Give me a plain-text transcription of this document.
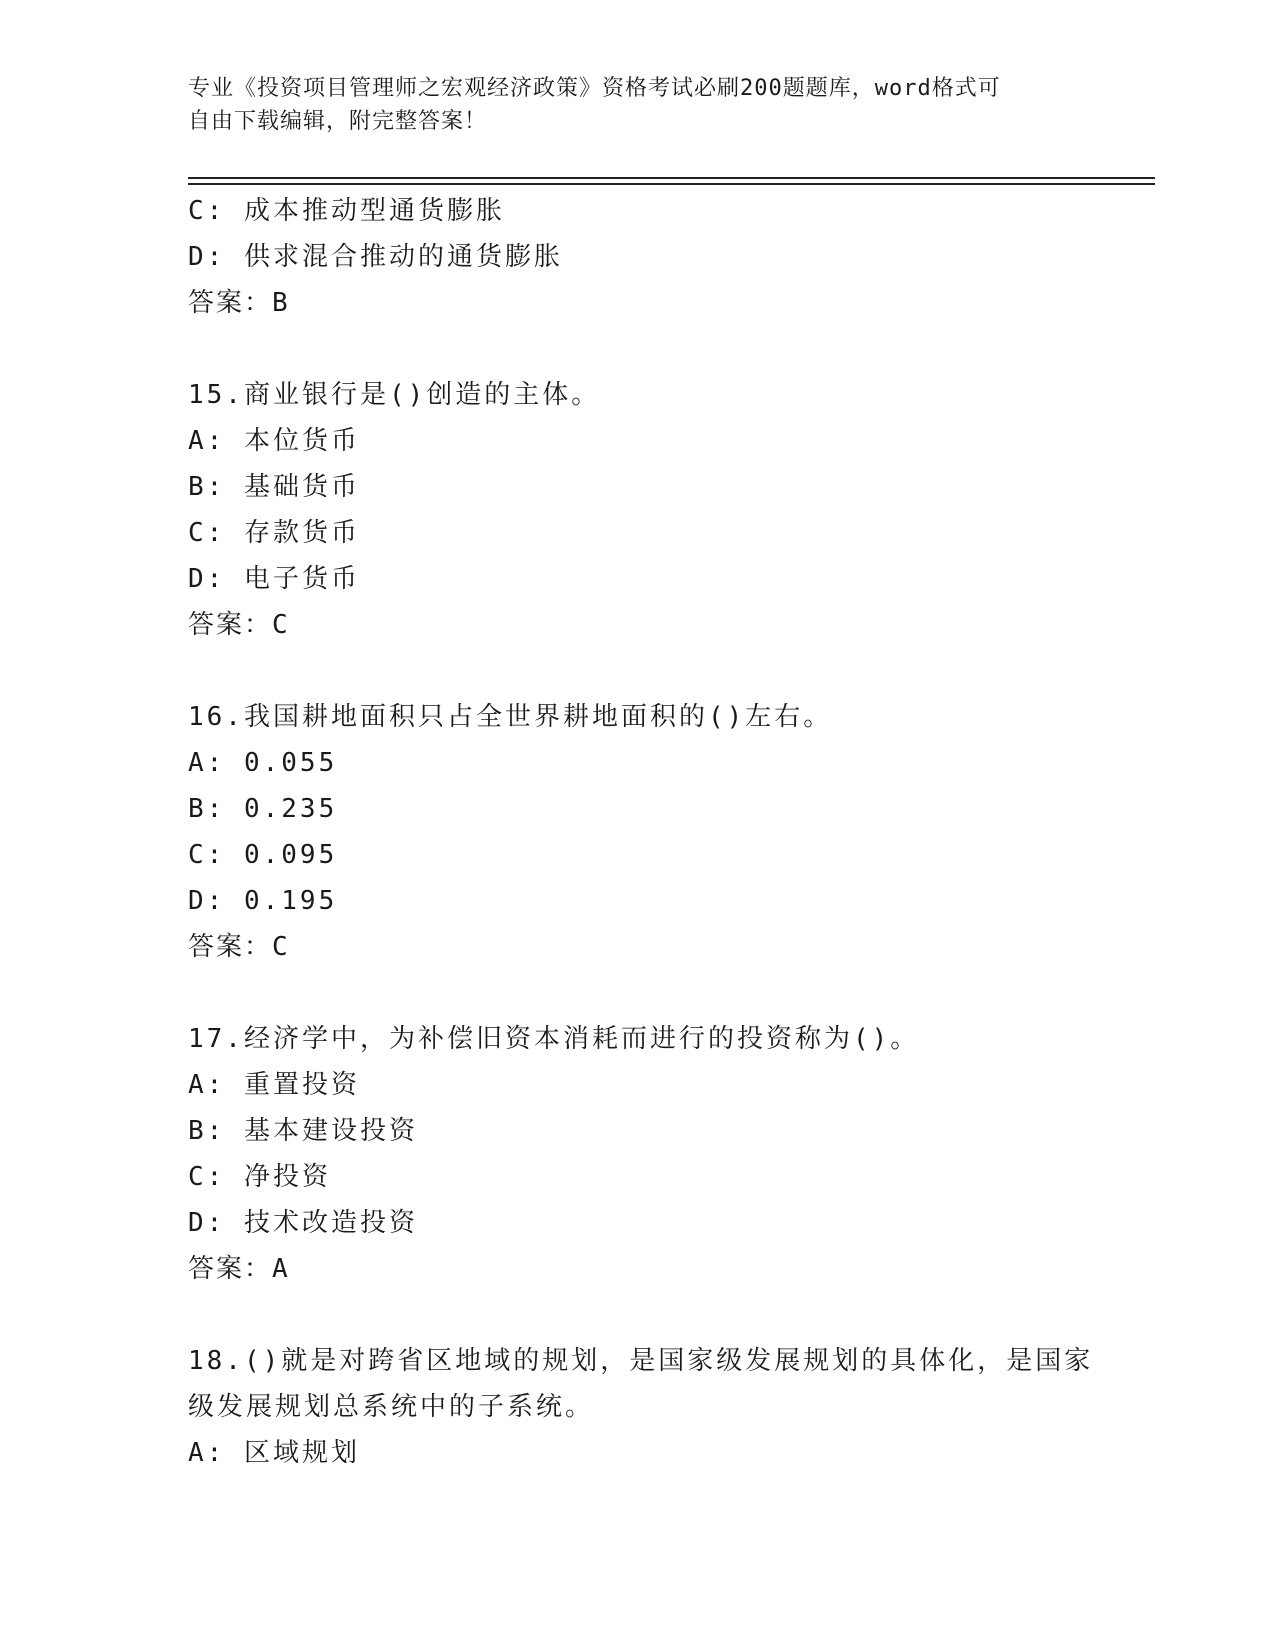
专业《投资项目管理师之宏观经济政策》资格考试必刷200题题库，word格式可
自由下载编辑，附完整答案！
C: 成本推动型通货膨胀
D: 供求混合推动的通货膨胀
答案：B
15.商业银行是()创造的主体。
A: 本位货币
B: 基础货币
C: 存款货币
D: 电子货币
答案：C
16.我国耕地面积只占全世界耕地面积的()左右。
A: 0.055
B: 0.235
C: 0.095
D: 0.195
答案：C
17.经济学中，为补偿旧资本消耗而进行的投资称为()。
A: 重置投资
B: 基本建设投资
C: 净投资
D: 技术改造投资
答案：A
18.()就是对跨省区地域的规划，是国家级发展规划的具体化，是国家
级发展规划总系统中的子系统。
A: 区域规划
